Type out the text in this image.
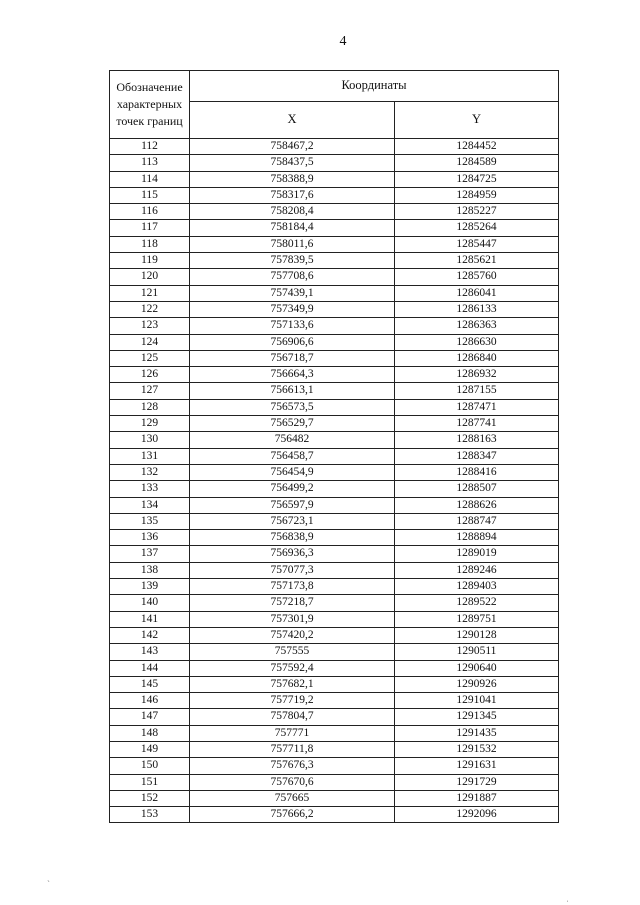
4
Обозначение характерных точек границ	Координаты	
	X	Y
112	758467,2	1284452
113	758437,5	1284589
114	758388,9	1284725
115	758317,6	1284959
116	758208,4	1285227
117	758184,4	1285264
118	758011,6	1285447
119	757839,5	1285621
120	757708,6	1285760
121	757439,1	1286041
122	757349,9	1286133
123	757133,6	1286363
124	756906,6	1286630
125	756718,7	1286840
126	756664,3	1286932
127	756613,1	1287155
128	756573,5	1287471
129	756529,7	1287741
130	756482	1288163
131	756458,7	1288347
132	756454,9	1288416
133	756499,2	1288507
134	756597,9	1288626
135	756723,1	1288747
136	756838,9	1288894
137	756936,3	1289019
138	757077,3	1289246
139	757173,8	1289403
140	757218,7	1289522
141	757301,9	1289751
142	757420,2	1290128
143	757555	1290511
144	757592,4	1290640
145	757682,1	1290926
146	757719,2	1291041
147	757804,7	1291345
148	757771	1291435
149	757711,8	1291532
150	757676,3	1291631
151	757670,6	1291729
152	757665	1291887
153	757666,2	1292096
ˎ
ˌ
